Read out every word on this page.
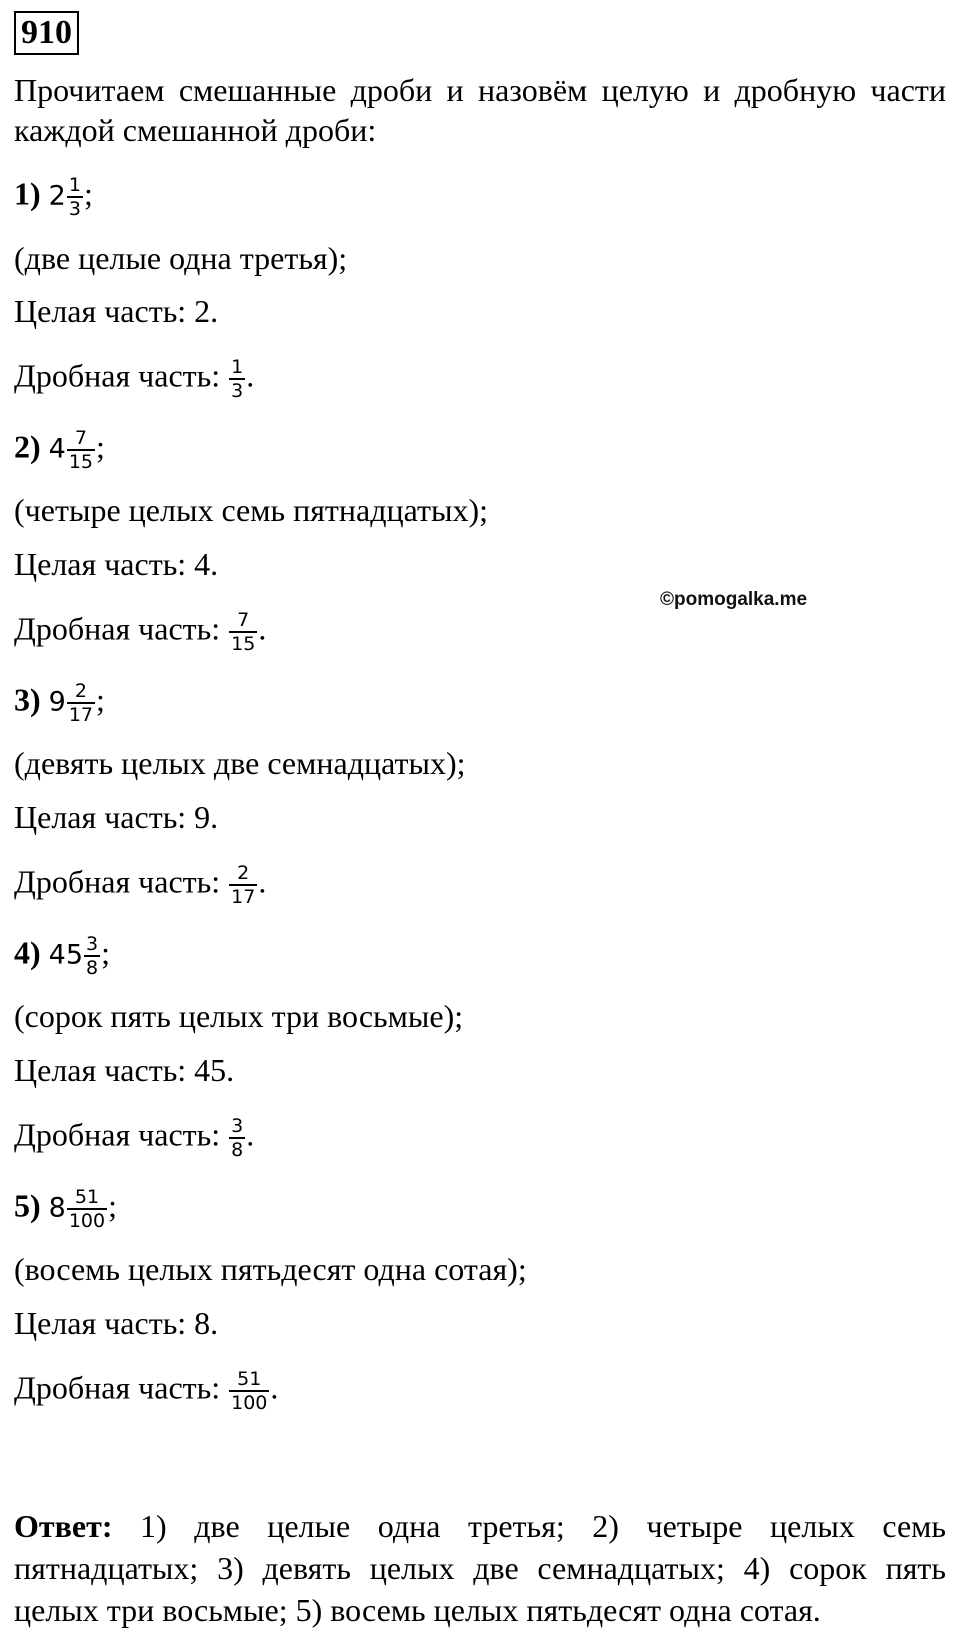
910
Прочитаем смешанные дроби и назовём целую и дробную части каждой смешанной дроби:
1) $2 \frac{1}{3}$ ;
(две целые одна третья);
Целая часть: 2.
Дробная часть: $\frac{1}{3}$ .
2) $4 \frac{7}{15}$ ;
(четыре целых семь пятнадцатых);
Целая часть: 4.
Дробная часть: $\frac{7}{15}$ .
©pomogalka.me
3) $9 \frac{2}{17}$ ;
(девять целых две семнадцатых);
Целая часть: 9.
Дробная часть: $\frac{2}{17}$ .
4) $45 \frac{3}{8}$ ;
(сорок пять целых три восьмые);
Целая часть: 45.
Дробная часть: $\frac{3}{8}$ .
5) $8 \frac{51}{100}$ ;
(восемь целых пятьдесят одна сотая);
Целая часть: 8.
Дробная часть: $\frac{51}{100}$ .
Ответ: 1) две целые одна третья; 2) четыре целых семь пятнадцатых; 3) девять целых две семнадцатых; 4) сорок пять целых три восьмые; 5) восемь целых пятьдесят одна сотая.
